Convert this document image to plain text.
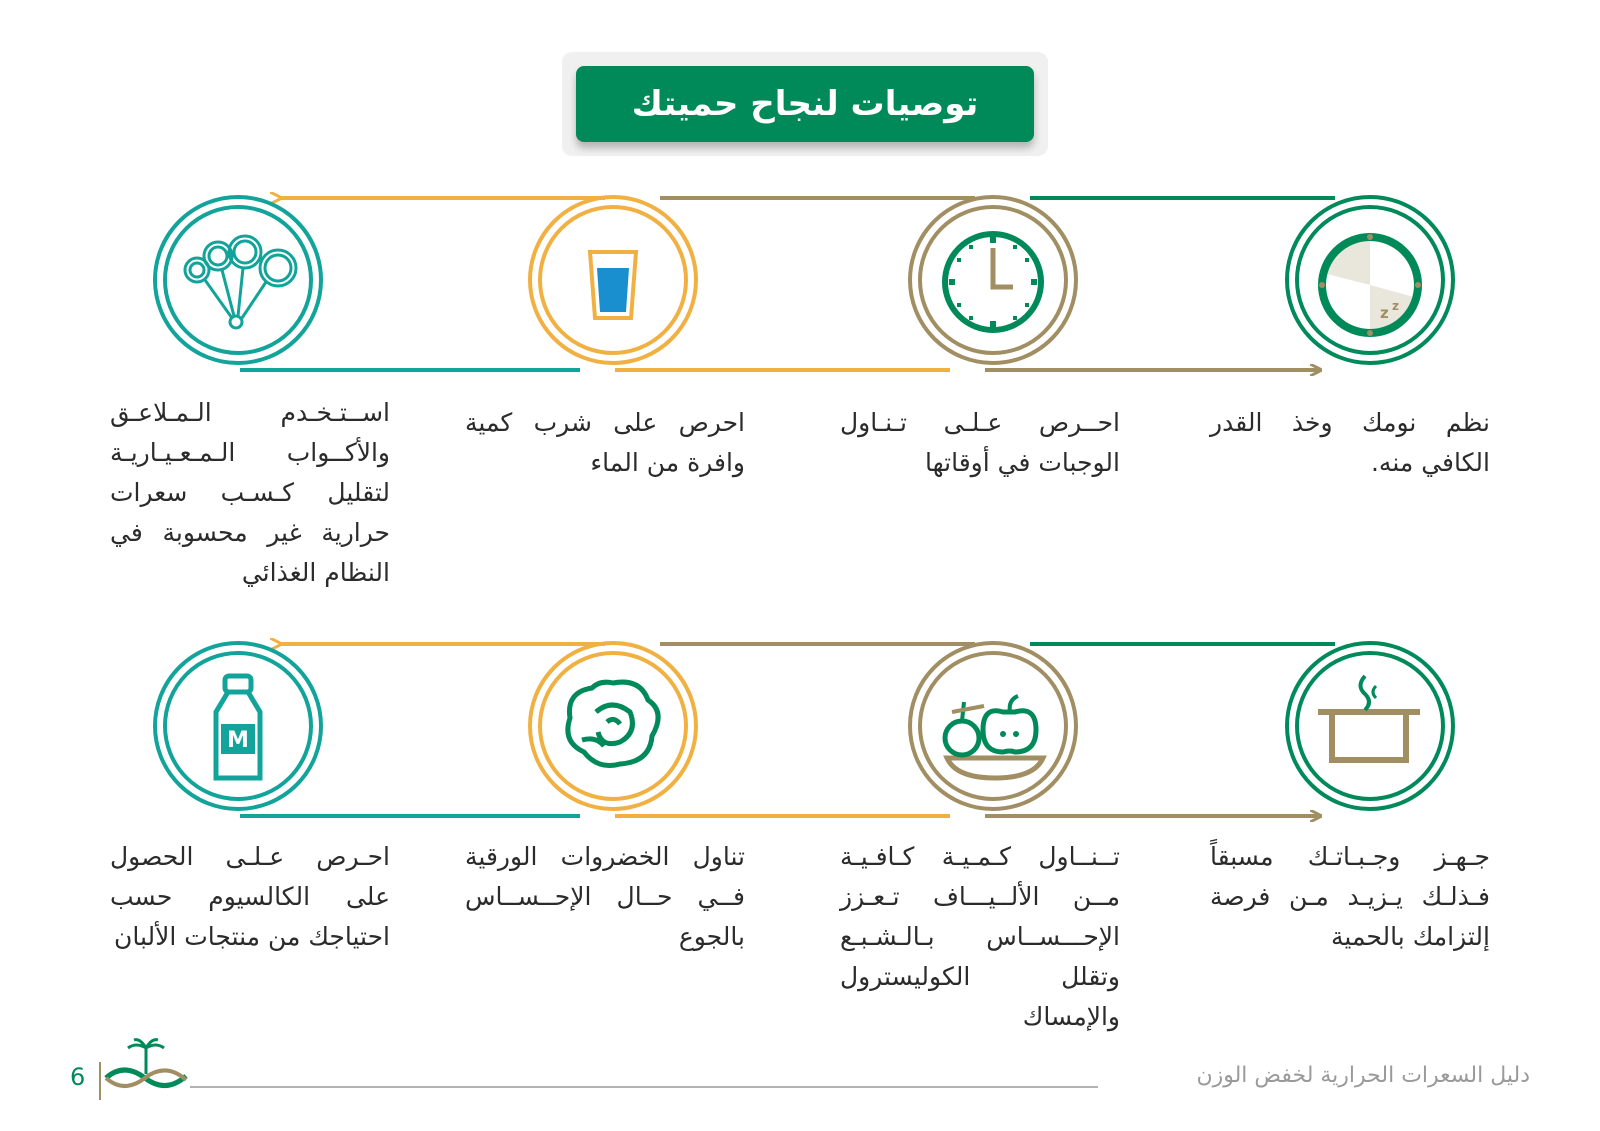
توصيات لنجاح حميتك
z z
M
نظم نومك وخذ القدر الكافي منه.
احــرص عـلـى تـنـاول الوجبات في أوقاتها
احرص على شرب كمية وافرة من الماء
اســتـخـدم الـمـلاعـق والأكــواب الـمـعـيـاريـة لتقليل كـسـب سعرات حرارية غير محسوبة في النظام الغذائي
جـهـز وجـبـاتـك مسبقاً فـذلـك يـزيـد مـن فرصة إلتزامك بالحمية
تــنــاول كـمـيـة كـافـيـة مــن الألــيـــاف تـعـزز الإحـــســاس بـالـشـبـع وتقلل الكوليسترول والإمساك
تناول الخضروات الورقية فــي حــال الإحــســاس بالجوع
احـرص عـلـى الحصول على الكالسيوم حسب احتياجك من منتجات الألبان
دليل السعرات الحرارية لخفض الوزن
6
